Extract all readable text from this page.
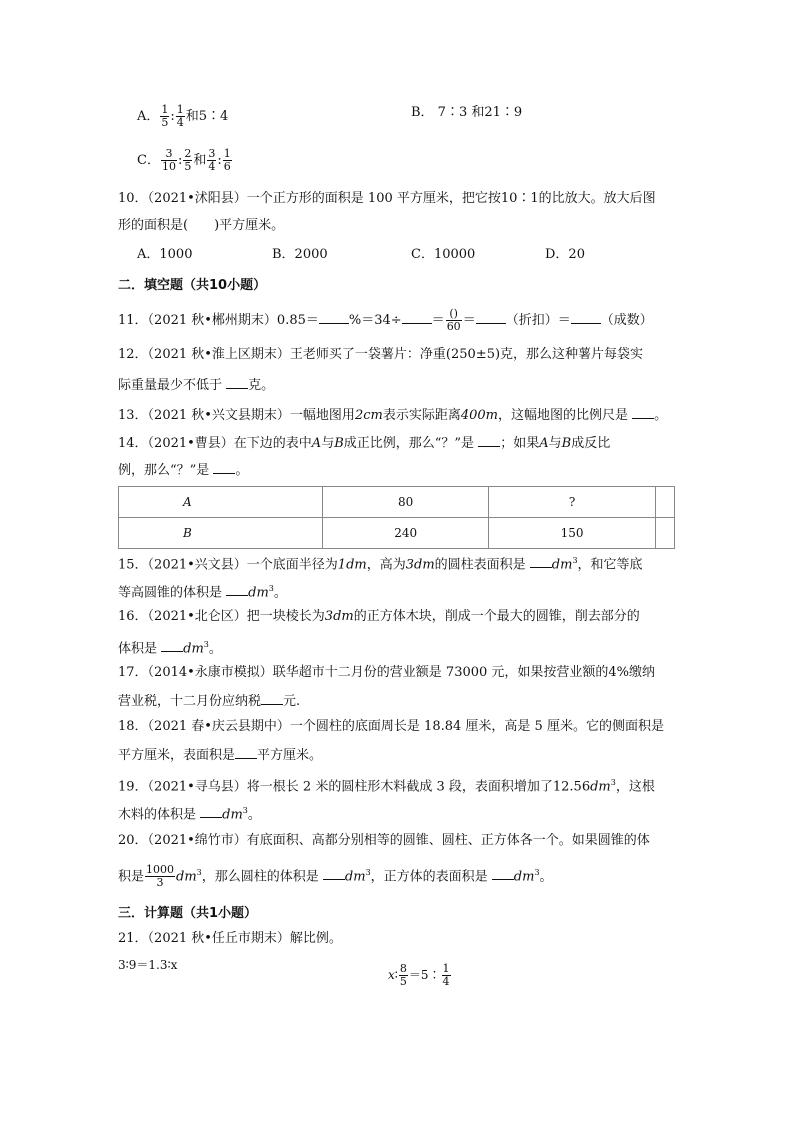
A． $\frac{1}{5}$ : $\frac{1}{4}$ 和5∶4	B． 7∶3 和21∶9
C． $\frac{3}{10}$ : $\frac{2}{5}$ 和 $\frac{3}{4}$ : $\frac{1}{6}$
10．（2021•沭阳县）一个正方形的面积是 100 平方厘米，把它按10∶1的比放大。放大后图
形的面积是(　　)平方厘米。
A．1000	B．2000	C．10000	D．20
二．填空题（共10小题）
11．（2021 秋•郴州期末）$0.85= \%=34\div = \frac{()}{60}$ ＝ （折扣）＝ （成数）
12．（2021 秋•淮上区期末）王老师买了一袋薯片：净重(250±5)克，那么这种薯片每袋实
际重量最少不低于 克。
13．（2021 秋•兴文县期末）一幅地图用2cm表示实际距离400m，这幅地图的比例尺是 。
14．（2021•曹县）在下边的表中A与B成正比例，那么“？”是 ；如果A与B成反比
例，那么“？”是 。
A	80	?	
B	240	150	
15．（2021•兴文县）一个底面半径为1dm，高为3dm的圆柱表面积是 $dm^3$，和它等底
等高圆锥的体积是 $dm^3$。
16．（2021•北仑区）把一块棱长为3dm的正方体木块，削成一个最大的圆锥，削去部分的
体积是 $dm^3$。
17．（2014•永康市模拟）联华超市十二月份的营业额是 73000 元，如果按营业额的4%缴纳
营业税，十二月份应纳税 元.
18．（2021 春•庆云县期中）一个圆柱的底面周长是 18.84 厘米，高是 5 厘米。它的侧面积是
平方厘米，表面积是 平方厘米。
19．（2021•寻乌县）将一根长 2 米的圆柱形木料截成 3 段，表面积增加了$12.56dm^3$，这根
木料的体积是 $dm^3$。
20．（2021•绵竹市）有底面积、高都分别相等的圆锥、圆柱、正方体各一个。如果圆锥的体
积是 $\frac{1000}{3} dm^3$，那么圆柱的体积是 $dm^3$，正方体的表面积是 $dm^3$。
三．计算题（共1小题）
21．（2021 秋•任丘市期末）解比例。
3∶9＝1.3∶x
x∶ $\frac{8}{5}$ ＝5∶ $\frac{1}{4}$
